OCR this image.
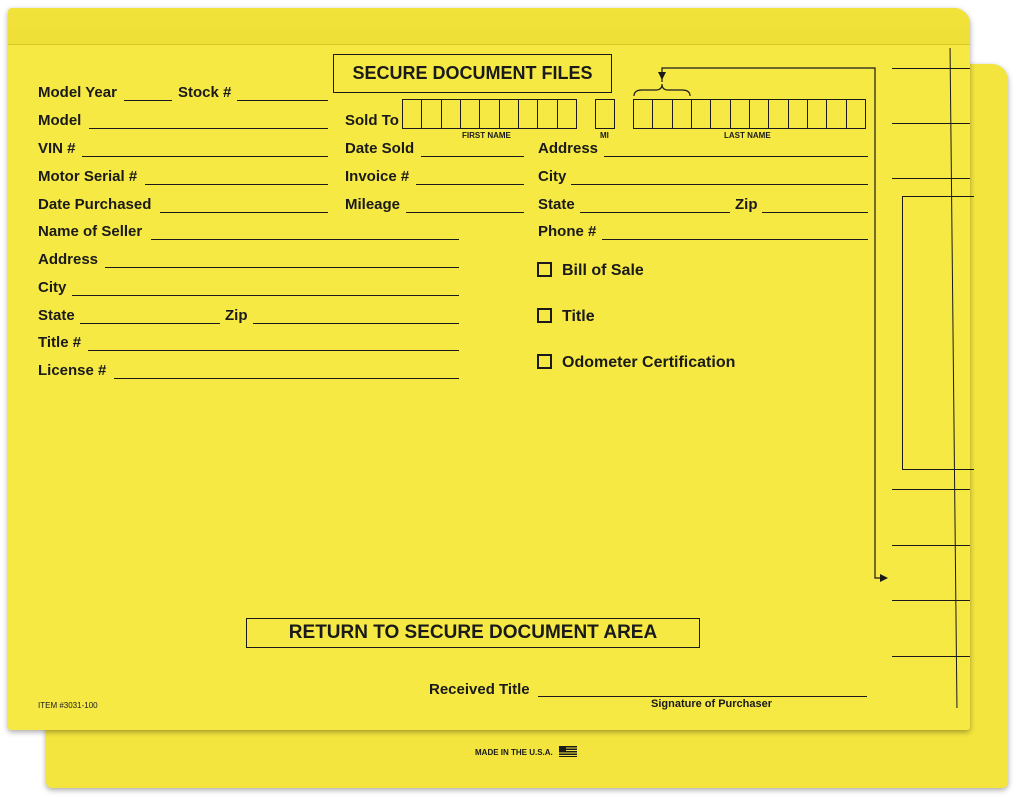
MADE IN THE U.S.A.
SECURE DOCUMENT FILES
Model Year	Stock #
Model
VIN #
Motor Serial #
Date Purchased
Name of Seller
Address
City
State	Zip
Title #
License #
Sold To
FIRST NAME	MI	LAST NAME
Date Sold
Invoice #
Mileage
Address
City
State	Zip
Phone #
Bill of Sale
Title
Odometer Certification
RETURN TO SECURE DOCUMENT AREA
Received Title
Signature of Purchaser
ITEM #3031-100
